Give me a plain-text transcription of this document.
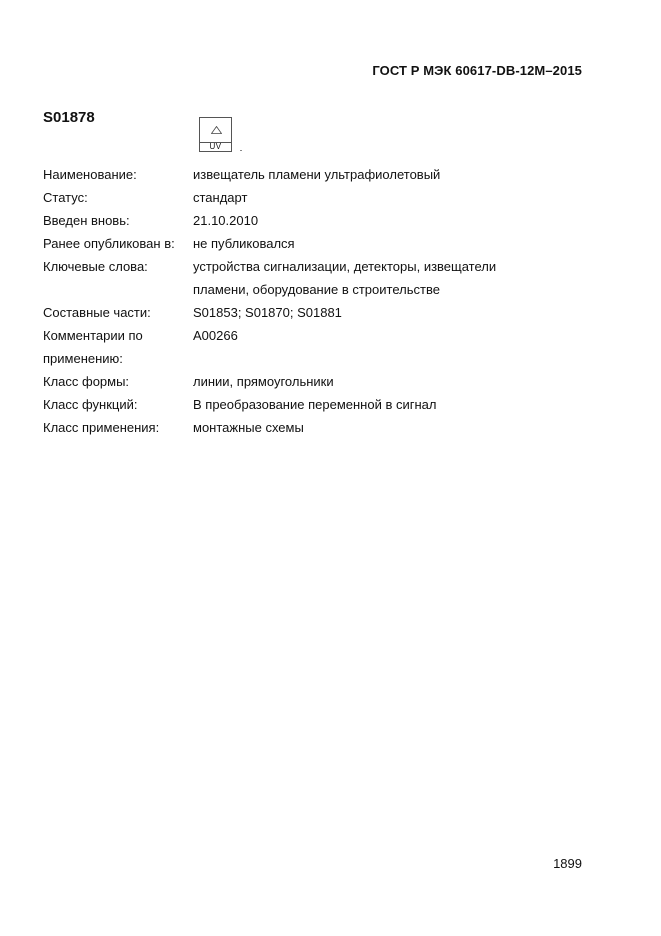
ГОСТ Р МЭК 60617-DB-12M–2015
S01878
UV
Наименование:	извещатель пламени ультрафиолетовый
Статус:	стандарт
Введен вновь:	21.10.2010
Ранее опубликован в:	не публиковался
Ключевые слова:	устройства сигнализации, детекторы, извещатели
пламени, оборудование в строительстве
Составные части:	S01853; S01870; S01881
Комментарии по применению:
A00266
Класс формы:	линии, прямоугольники
Класс функций:	В преобразование переменной в сигнал
Класс применения:	монтажные схемы
1899
